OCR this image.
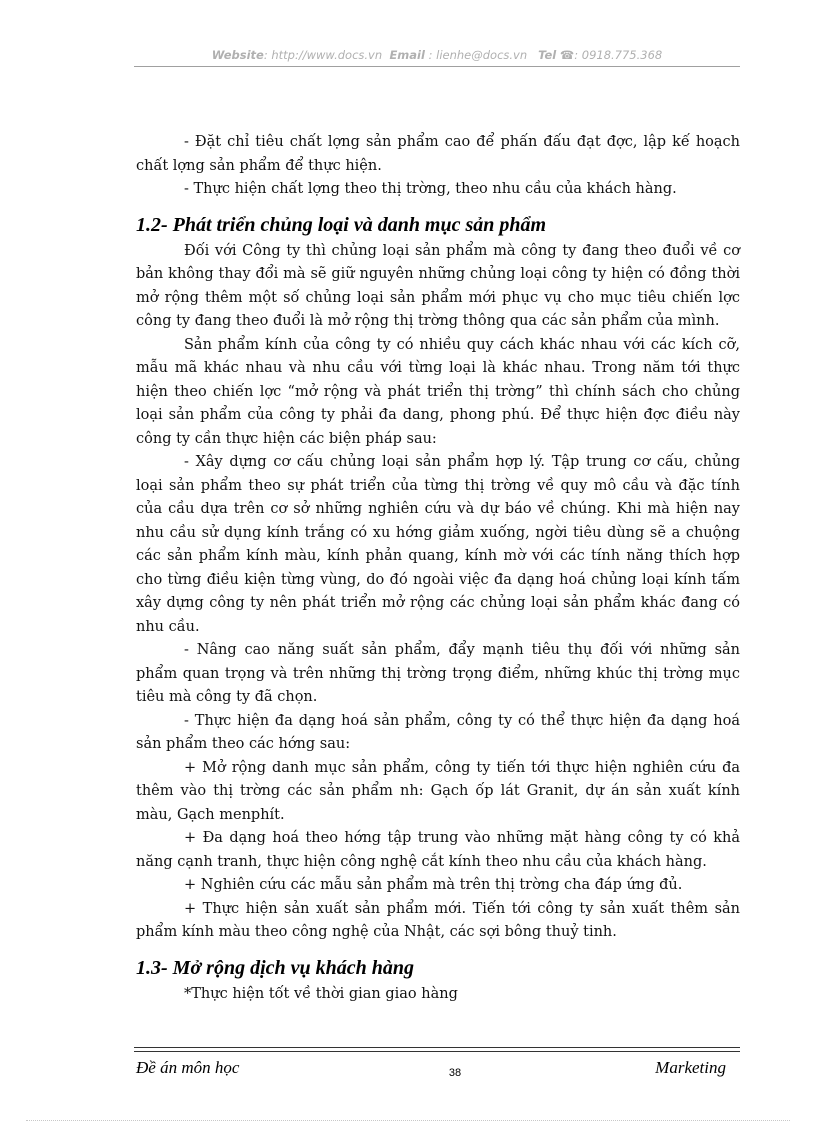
Website: http://www.docs.vn Email : lienhe@docs.vn Tel ☎: 0918.775.368

- Đặt chỉ tiêu chất lợng sản phẩm cao để phấn đấu đạt đợc, lập kế hoạch chất lợng sản phẩm để thực hiện.

- Thực hiện chất lợng theo thị trờng, theo nhu cầu của khách hàng.

1.2- Phát triển chủng loại và danh mục sản phẩm

Đối với Công ty thì chủng loại sản phẩm mà công ty đang theo đuổi về cơ bản không thay đổi mà sẽ giữ nguyên những chủng loại công ty hiện có đồng thời mở rộng thêm một số chủng loại sản phẩm mới phục vụ cho mục tiêu chiến lợc công ty đang theo đuổi là mở rộng thị trờng thông qua các sản phẩm của mình.

Sản phẩm kính của công ty có nhiều quy cách khác nhau với các kích cỡ, mẫu mã khác nhau và nhu cầu với từng loại là khác nhau. Trong năm tới thực hiện theo chiến lợc “mở rộng và phát triển thị trờng” thì chính sách cho chủng loại sản phẩm của công ty phải đa dang, phong phú. Để thực hiện đợc điều này công ty cần thực hiện các biện pháp sau:

- Xây dựng cơ cấu chủng loại sản phẩm hợp lý. Tập trung cơ cấu, chủng loại sản phẩm theo sự phát triển của từng thị trờng về quy mô cầu và đặc tính của cầu dựa trên cơ sở những nghiên cứu và dự báo về chúng. Khi mà hiện nay nhu cầu sử dụng kính trắng có xu hớng giảm xuống, ngời tiêu dùng sẽ a chuộng các sản phẩm kính màu, kính phản quang, kính mờ với các tính năng thích hợp cho từng điều kiện từng vùng, do đó ngoài việc đa dạng hoá chủng loại kính tấm xây dựng công ty nên phát triển mở rộng các chủng loại sản phẩm khác đang có nhu cầu.

- Nâng cao năng suất sản phẩm, đẩy mạnh tiêu thụ đối với những sản phẩm quan trọng và trên những thị trờng trọng điểm, những khúc thị trờng mục tiêu mà công ty đã chọn.

- Thực hiện đa dạng hoá sản phẩm, công ty có thể thực hiện đa dạng hoá sản phẩm theo các hớng sau:

+ Mở rộng danh mục sản phẩm, công ty tiến tới thực hiện nghiên cứu đa thêm vào thị trờng các sản phẩm nh: Gạch ốp lát Granit, dự án sản xuất kính màu, Gạch menphít.

+ Đa dạng hoá theo hớng tập trung vào những mặt hàng công ty có khả năng cạnh tranh, thực hiện công nghệ cắt kính theo nhu cầu của khách hàng.

+ Nghiên cứu các mẫu sản phẩm mà trên thị trờng cha đáp ứng đủ.

+ Thực hiện sản xuất sản phẩm mới. Tiến tới công ty sản xuất thêm sản phẩm kính màu theo công nghệ của Nhật, các sợi bông thuỷ tinh.

1.3- Mở rộng dịch vụ khách hàng

*Thực hiện tốt về thời gian giao hàng

Đề án môn học	38	Marketing
